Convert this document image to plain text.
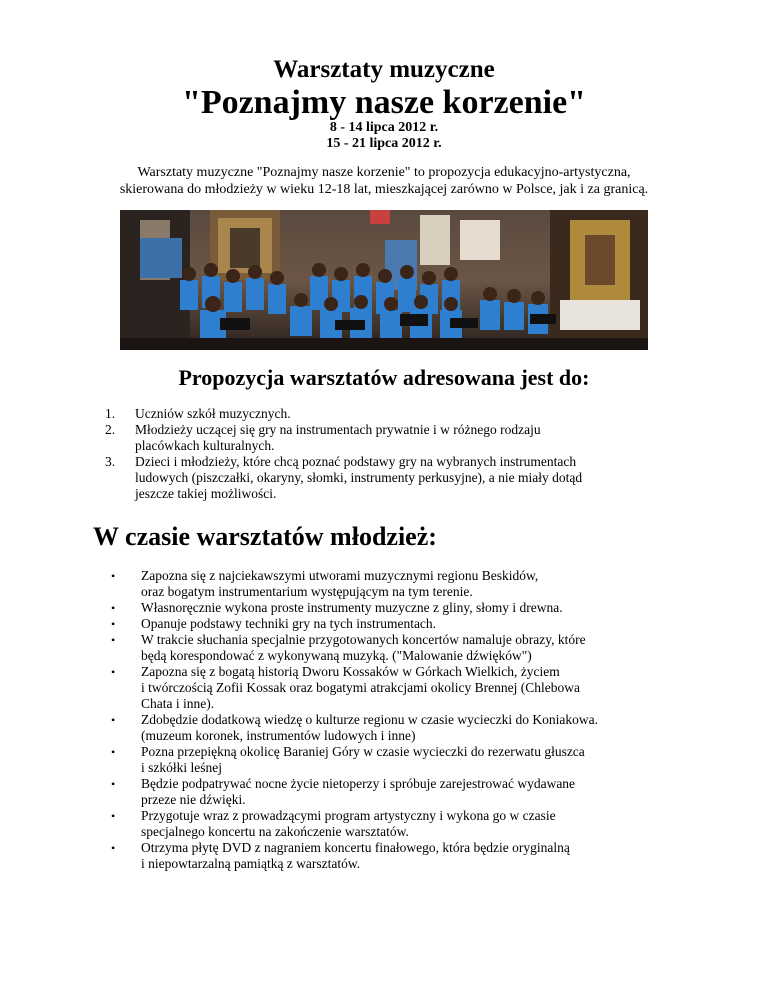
Warsztaty muzyczne
"Poznajmy nasze korzenie"
8 - 14 lipca 2012 r.
15 - 21 lipca 2012 r.
Warsztaty muzyczne "Poznajmy nasze korzenie" to propozycja edukacyjno-artystyczna,
skierowana do młodzieży w wieku 12-18 lat, mieszkającej zarówno w Polsce, jak i za granicą.
Propozycja warsztatów adresowana jest do:
1. Uczniów szkół muzycznych.
2. Młodzieży uczącej się gry na instrumentach prywatnie i w różnego rodzaju
placówkach kulturalnych.
3. Dzieci i młodzieży, które chcą poznać podstawy gry na wybranych instrumentach
ludowych (piszczałki, okaryny, słomki, instrumenty perkusyjne), a nie miały dotąd
jeszcze takiej możliwości.
W czasie warsztatów młodzież:
• Zapozna się z najciekawszymi utworami muzycznymi regionu Beskidów,
oraz bogatym instrumentarium występującym na tym terenie.
• Własnoręcznie wykona proste instrumenty muzyczne z gliny, słomy i drewna.
• Opanuje podstawy techniki gry na tych instrumentach.
• W trakcie słuchania specjalnie przygotowanych koncertów namaluje obrazy, które
będą korespondować z wykonywaną muzyką. ("Malowanie dźwięków")
• Zapozna się z bogatą historią Dworu Kossaków w Górkach Wielkich, życiem
i twórczością Zofii Kossak oraz bogatymi atrakcjami okolicy Brennej (Chlebowa
Chata i inne).
• Zdobędzie dodatkową wiedzę o kulturze regionu w czasie wycieczki do Koniakowa.
(muzeum koronek, instrumentów ludowych i inne)
• Pozna przepiękną okolicę Baraniej Góry w czasie wycieczki do rezerwatu głuszca
i szkółki leśnej
• Będzie podpatrywać nocne życie nietoperzy i spróbuje zarejestrować wydawane
przeze nie dźwięki.
• Przygotuje wraz z prowadzącymi program artystyczny i wykona go w czasie
specjalnego koncertu na zakończenie warsztatów.
• Otrzyma płytę DVD z nagraniem koncertu finałowego, która będzie oryginalną
i niepowtarzalną pamiątką z warsztatów.
